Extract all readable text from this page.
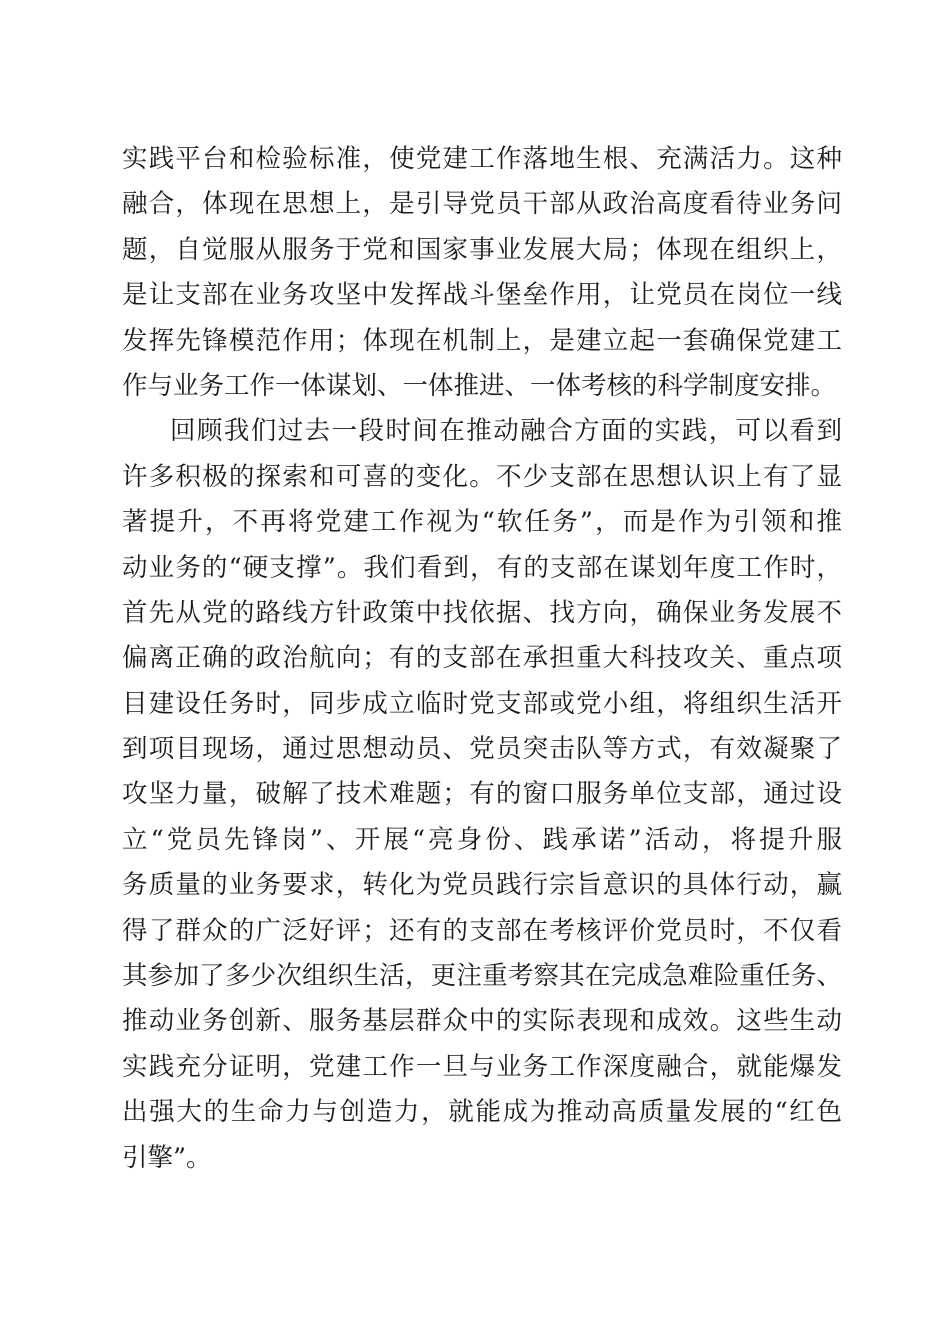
实践平台和检验标准，使党建工作落地生根、充满活力。这种
融合，体现在思想上，是引导党员干部从政治高度看待业务问
题，自觉服从服务于党和国家事业发展大局；体现在组织上，
是让支部在业务攻坚中发挥战斗堡垒作用，让党员在岗位一线
发挥先锋模范作用；体现在机制上，是建立起一套确保党建工
作与业务工作一体谋划、一体推进、一体考核的科学制度安排。
回顾我们过去一段时间在推动融合方面的实践，可以看到
许多积极的探索和可喜的变化。不少支部在思想认识上有了显
著提升，不再将党建工作视为“软任务”，而是作为引领和推
动业务的“硬支撑”。我们看到，有的支部在谋划年度工作时，
首先从党的路线方针政策中找依据、找方向，确保业务发展不
偏离正确的政治航向；有的支部在承担重大科技攻关、重点项
目建设任务时，同步成立临时党支部或党小组，将组织生活开
到项目现场，通过思想动员、党员突击队等方式，有效凝聚了
攻坚力量，破解了技术难题；有的窗口服务单位支部，通过设
立“党员先锋岗”、开展“亮身份、践承诺”活动，将提升服
务质量的业务要求，转化为党员践行宗旨意识的具体行动，赢
得了群众的广泛好评；还有的支部在考核评价党员时，不仅看
其参加了多少次组织生活，更注重考察其在完成急难险重任务、
推动业务创新、服务基层群众中的实际表现和成效。这些生动
实践充分证明，党建工作一旦与业务工作深度融合，就能爆发
出强大的生命力与创造力，就能成为推动高质量发展的“红色
引擎”。
